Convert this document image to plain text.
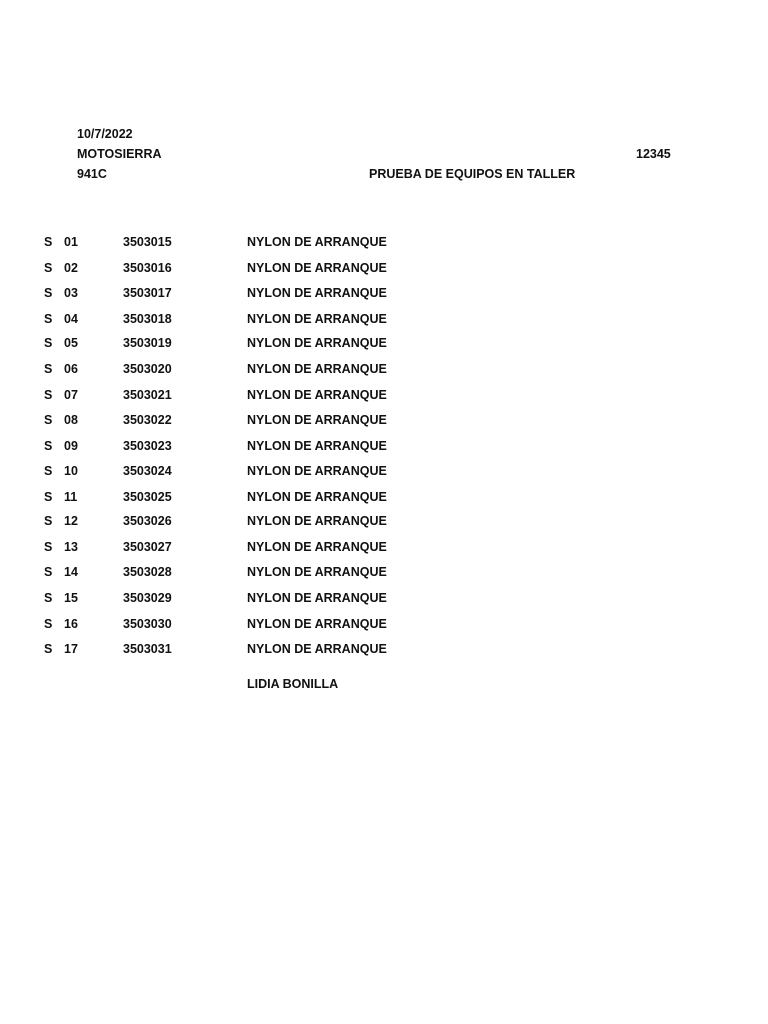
10/7/2022
MOTOSIERRA
941C	PRUEBA DE EQUIPOS EN TALLER
12345
S 01	3503015	NYLON DE ARRANQUE
S 02	3503016	NYLON DE ARRANQUE
S 03	3503017	NYLON DE ARRANQUE
S 04	3503018	NYLON DE ARRANQUE
S 05	3503019	NYLON DE ARRANQUE
S 06	3503020	NYLON DE ARRANQUE
S 07	3503021	NYLON DE ARRANQUE
S 08	3503022	NYLON DE ARRANQUE
S 09	3503023	NYLON DE ARRANQUE
S 10	3503024	NYLON DE ARRANQUE
S 11	3503025	NYLON DE ARRANQUE
S 12	3503026	NYLON DE ARRANQUE
S 13	3503027	NYLON DE ARRANQUE
S 14	3503028	NYLON DE ARRANQUE
S 15	3503029	NYLON DE ARRANQUE
S 16	3503030	NYLON DE ARRANQUE
S 17	3503031	NYLON DE ARRANQUE
LIDIA BONILLA
